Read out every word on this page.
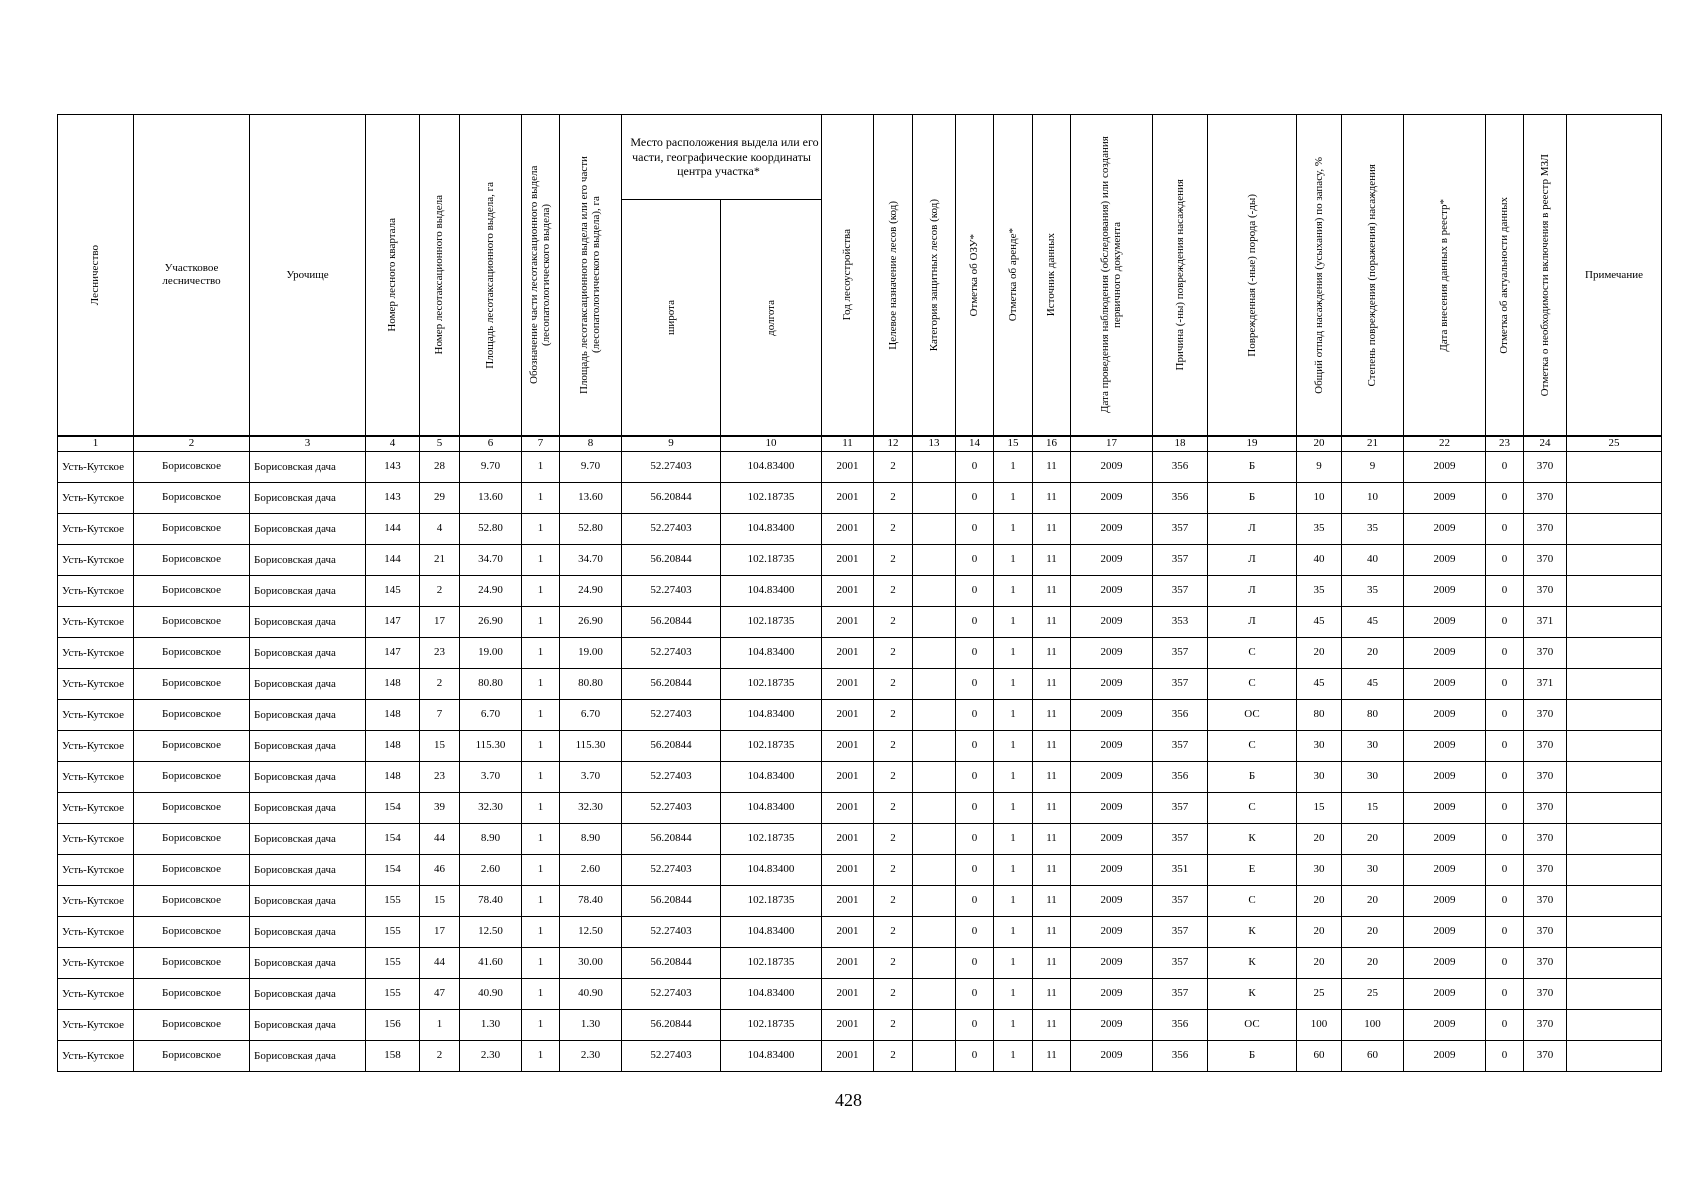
Лесничество	Участковое лесничество	Урочище	Номер лесного квартала	Номер лесотаксационного выдела	Площадь лесотаксационного выдела, га	Обозначение части лесотаксационного выдела (лесопатологического выдела)	Площадь лесотаксационного выдела или его части (лесопатологического выдела), га	Место расположения выдела или его части, географические координаты центра участка*		Год лесоустройства	Целевое назначение лесов (код)	Категория защитных лесов (код)	Отметка об ОЗУ*	Отметка об аренде*	Источник данных	Дата проведения наблюдения (обследования) или создания первичного документа	Причина (-ны) повреждения насаждения	Поврежденная (-ные) порода (-ды)	Общий отпад насаждения (усыхания) по запасу, %	Степень повреждения (поражения) насаждения	Дата внесения данных в реестр*	Отметка об актуальности данных	Отметка о необходимости включения в реестр МЗЛ	Примечание

								широта	долгота															

1	2	3	4	5	6	7	8	9	10	11	12	13	14	15	16	17	18	19	20	21	22	23	24	25
Усть-Кутское	Борисовское	Борисовская дача	143	28	9.70	1	9.70	52.27403	104.83400	2001	2		0	1	11	2009	356	Б	9	9	2009	0	370	
Усть-Кутское	Борисовское	Борисовская дача	143	29	13.60	1	13.60	56.20844	102.18735	2001	2		0	1	11	2009	356	Б	10	10	2009	0	370	
Усть-Кутское	Борисовское	Борисовская дача	144	4	52.80	1	52.80	52.27403	104.83400	2001	2		0	1	11	2009	357	Л	35	35	2009	0	370	
Усть-Кутское	Борисовское	Борисовская дача	144	21	34.70	1	34.70	56.20844	102.18735	2001	2		0	1	11	2009	357	Л	40	40	2009	0	370	
Усть-Кутское	Борисовское	Борисовская дача	145	2	24.90	1	24.90	52.27403	104.83400	2001	2		0	1	11	2009	357	Л	35	35	2009	0	370	
Усть-Кутское	Борисовское	Борисовская дача	147	17	26.90	1	26.90	56.20844	102.18735	2001	2		0	1	11	2009	353	Л	45	45	2009	0	371	
Усть-Кутское	Борисовское	Борисовская дача	147	23	19.00	1	19.00	52.27403	104.83400	2001	2		0	1	11	2009	357	С	20	20	2009	0	370	
Усть-Кутское	Борисовское	Борисовская дача	148	2	80.80	1	80.80	56.20844	102.18735	2001	2		0	1	11	2009	357	С	45	45	2009	0	371	
Усть-Кутское	Борисовское	Борисовская дача	148	7	6.70	1	6.70	52.27403	104.83400	2001	2		0	1	11	2009	356	ОС	80	80	2009	0	370	
Усть-Кутское	Борисовское	Борисовская дача	148	15	115.30	1	115.30	56.20844	102.18735	2001	2		0	1	11	2009	357	С	30	30	2009	0	370	
Усть-Кутское	Борисовское	Борисовская дача	148	23	3.70	1	3.70	52.27403	104.83400	2001	2		0	1	11	2009	356	Б	30	30	2009	0	370	
Усть-Кутское	Борисовское	Борисовская дача	154	39	32.30	1	32.30	52.27403	104.83400	2001	2		0	1	11	2009	357	С	15	15	2009	0	370	
Усть-Кутское	Борисовское	Борисовская дача	154	44	8.90	1	8.90	56.20844	102.18735	2001	2		0	1	11	2009	357	К	20	20	2009	0	370	
Усть-Кутское	Борисовское	Борисовская дача	154	46	2.60	1	2.60	52.27403	104.83400	2001	2		0	1	11	2009	351	Е	30	30	2009	0	370	
Усть-Кутское	Борисовское	Борисовская дача	155	15	78.40	1	78.40	56.20844	102.18735	2001	2		0	1	11	2009	357	С	20	20	2009	0	370	
Усть-Кутское	Борисовское	Борисовская дача	155	17	12.50	1	12.50	52.27403	104.83400	2001	2		0	1	11	2009	357	К	20	20	2009	0	370	
Усть-Кутское	Борисовское	Борисовская дача	155	44	41.60	1	30.00	56.20844	102.18735	2001	2		0	1	11	2009	357	К	20	20	2009	0	370	
Усть-Кутское	Борисовское	Борисовская дача	155	47	40.90	1	40.90	52.27403	104.83400	2001	2		0	1	11	2009	357	К	25	25	2009	0	370	
Усть-Кутское	Борисовское	Борисовская дача	156	1	1.30	1	1.30	56.20844	102.18735	2001	2		0	1	11	2009	356	ОС	100	100	2009	0	370	
Усть-Кутское	Борисовское	Борисовская дача	158	2	2.30	1	2.30	52.27403	104.83400	2001	2		0	1	11	2009	356	Б	60	60	2009	0	370	
428
